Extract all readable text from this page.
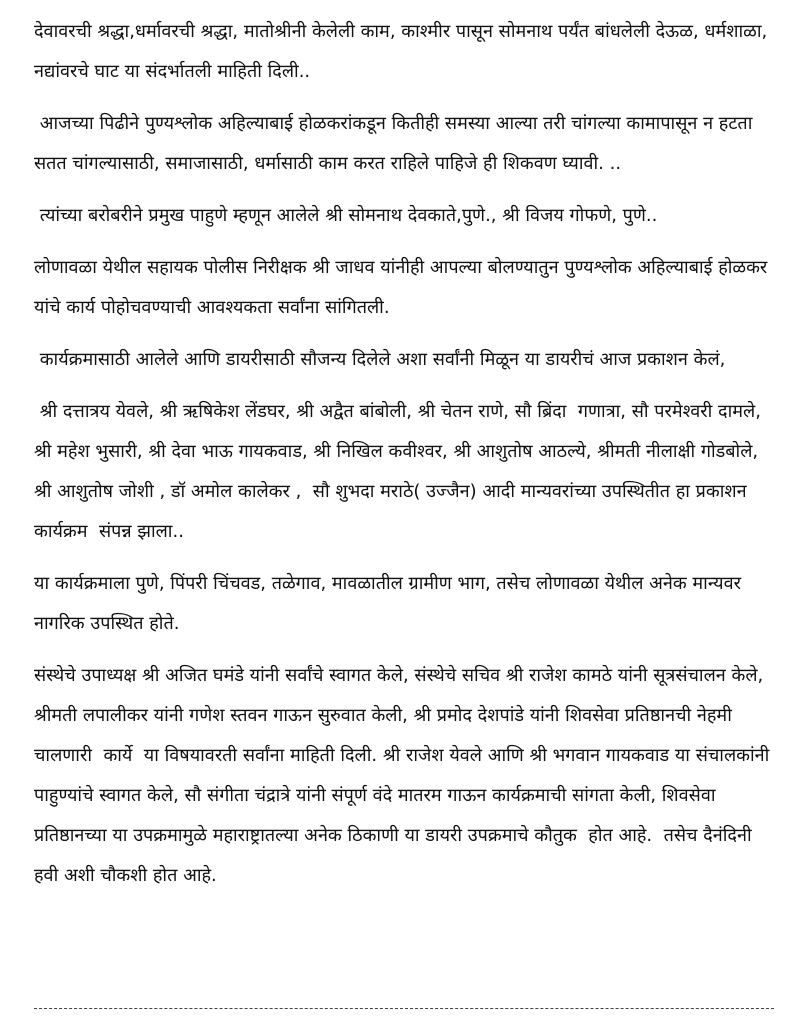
देवावरची श्रद्धा,धर्मावरची श्रद्धा, मातोश्रीनी केलेली काम, काश्मीर पासून सोमनाथ पर्यंत बांधलेली देऊळ, धर्मशाळा, नद्यांवरचे घाट या संदर्भातली माहिती दिली..

आजच्या पिढीने पुण्यश्लोक अहिल्याबाई होळकरांकडून कितीही समस्या आल्या तरी चांगल्या कामापासून न हटता सतत चांगल्यासाठी, समाजासाठी, धर्मासाठी काम करत राहिले पाहिजे ही शिकवण घ्यावी. ..

त्यांच्या बरोबरीने प्रमुख पाहुणे म्हणून आलेले श्री सोमनाथ देवकाते,पुणे., श्री विजय गोफणे, पुणे..

लोणावळा येथील सहायक पोलीस निरीक्षक श्री जाधव यांनीही आपल्या बोलण्यातुन पुण्यश्लोक अहिल्याबाई होळकर यांचे कार्य पोहोचवण्याची आवश्यकता सर्वांना सांगितली.

कार्यक्रमासाठी आलेले आणि डायरीसाठी सौजन्य दिलेले अशा सर्वांनी मिळून या डायरीचं आज प्रकाशन केलं,

श्री दत्तात्रय येवले, श्री ऋषिकेश लेंडघर, श्री अद्वैत बांबोली, श्री चेतन राणे, सौ ब्रिंदा  गणात्रा, सौ परमेश्वरी दामले, श्री महेश भुसारी, श्री देवा भाऊ गायकवाड, श्री निखिल कवीश्वर, श्री आशुतोष आठल्ये, श्रीमती नीलाक्षी गोडबोले,  श्री आशुतोष जोशी , डॉ अमोल कालेकर ,  सौ शुभदा मराठे( उज्जैन) आदी मान्यवरांच्या उपस्थितीत हा प्रकाशन कार्यक्रम  संपन्न झाला..

या कार्यक्रमाला पुणे, पिंपरी चिंचवड, तळेगाव, मावळातील ग्रामीण भाग, तसेच लोणावळा येथील अनेक मान्यवर नागरिक उपस्थित होते.

संस्थेचे उपाध्यक्ष श्री अजित घमंडे यांनी सर्वांचे स्वागत केले, संस्थेचे सचिव श्री राजेश कामठे यांनी सूत्रसंचालन केले, श्रीमती लपालीकर यांनी गणेश स्तवन गाऊन सुरुवात केली, श्री प्रमोद देशपांडे यांनी शिवसेवा प्रतिष्ठानची नेहमी चालणारी  कार्ये  या विषयावरती सर्वांना माहिती दिली. श्री राजेश येवले आणि श्री भगवान गायकवाड या संचालकांनी  पाहुण्यांचे स्वागत केले, सौ संगीता चंद्रात्रे यांनी संपूर्ण वंदे मातरम गाऊन कार्यक्रमाची सांगता केली, शिवसेवा प्रतिष्ठानच्या या उपक्रमामुळे महाराष्ट्रातल्या अनेक ठिकाणी या डायरी उपक्रमाचे कौतुक  होत आहे.  तसेच दैनंदिनी हवी अशी चौकशी होत आहे.
